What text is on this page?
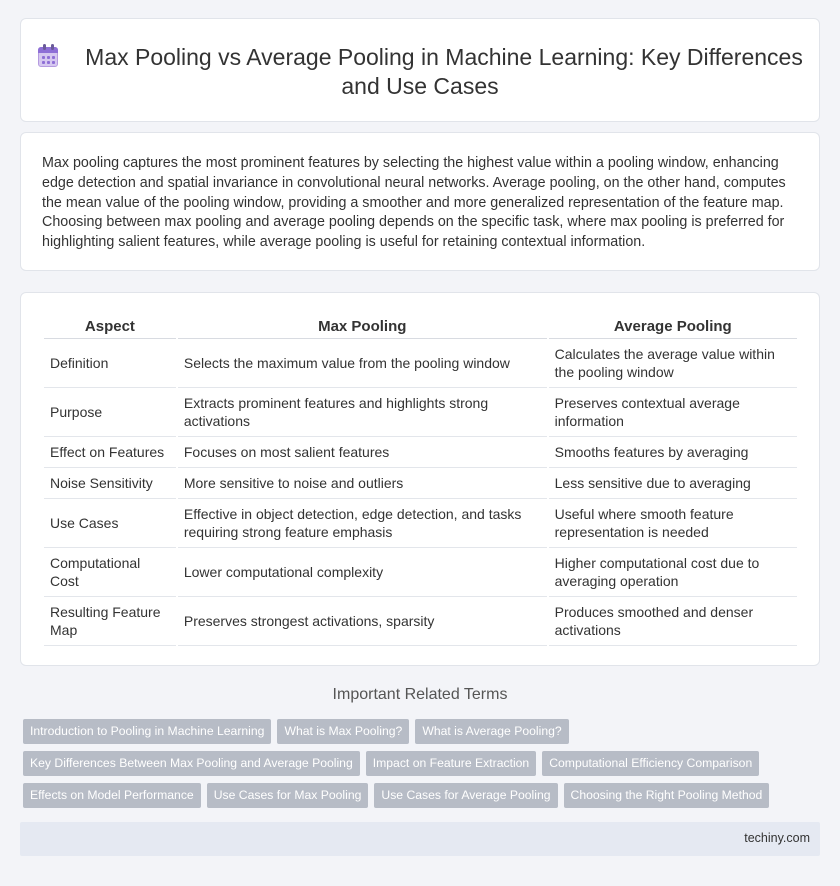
Max Pooling vs Average Pooling in Machine Learning: Key Differences and Use Cases

Max pooling captures the most prominent features by selecting the highest value within a pooling window, enhancing edge detection and spatial invariance in convolutional neural networks. Average pooling, on the other hand, computes the mean value of the pooling window, providing a smoother and more generalized representation of the feature map. Choosing between max pooling and average pooling depends on the specific task, where max pooling is preferred for highlighting salient features, while average pooling is useful for retaining contextual information.

Aspect	Max Pooling	Average Pooling
Definition	Selects the maximum value from the pooling window	Calculates the average value within the pooling window
Purpose	Extracts prominent features and highlights strong activations	Preserves contextual average information
Effect on Features	Focuses on most salient features	Smooths features by averaging
Noise Sensitivity	More sensitive to noise and outliers	Less sensitive due to averaging
Use Cases	Effective in object detection, edge detection, and tasks requiring strong feature emphasis	Useful where smooth feature representation is needed
Computational Cost	Lower computational complexity	Higher computational cost due to averaging operation
Resulting Feature Map	Preserves strongest activations, sparsity	Produces smoothed and denser activations
Important Related Terms
Introduction to Pooling in Machine Learning What is Max Pooling? What is Average Pooling?
Key Differences Between Max Pooling and Average Pooling Impact on Feature Extraction Computational Efficiency Comparison
Effects on Model Performance Use Cases for Max Pooling Use Cases for Average Pooling Choosing the Right Pooling Method
techiny.com
